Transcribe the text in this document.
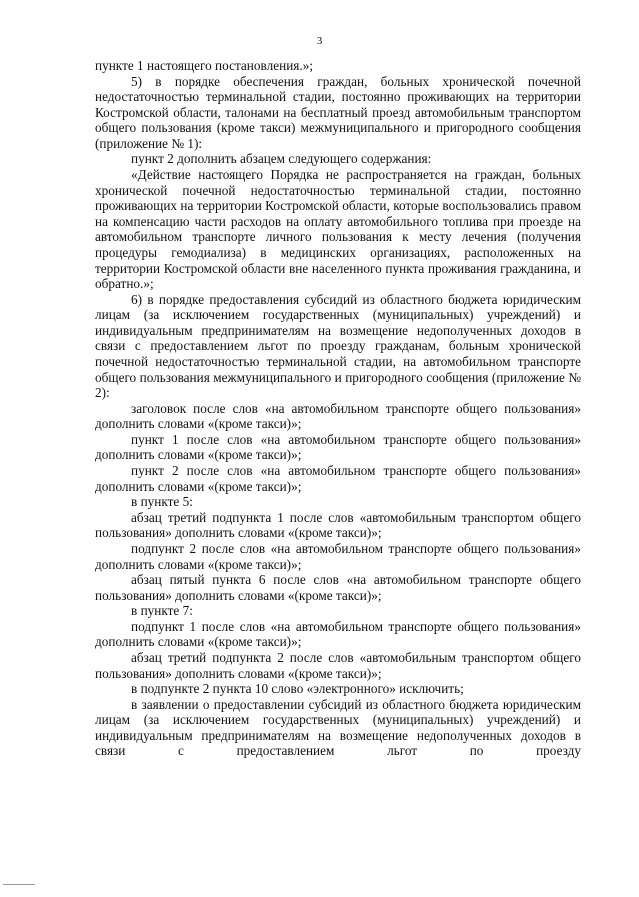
3

пункте 1 настоящего постановления.»;

5) в порядке обеспечения граждан, больных хронической почечной недостаточностью терминальной стадии, постоянно проживающих на территории Костромской области, талонами на бесплатный проезд автомобильным транспортом общего пользования (кроме такси) межмуниципального и пригородного сообщения (приложение № 1):

пункт 2 дополнить абзацем следующего содержания:

«Действие настоящего Порядка не распространяется на граждан, больных хронической почечной недостаточностью терминальной стадии, постоянно проживающих на территории Костромской области, которые воспользовались правом на компенсацию части расходов на оплату автомобильного топлива при проезде на автомобильном транспорте личного пользования к месту лечения (получения процедуры гемодиализа) в медицинских организациях, расположенных на территории Костромской области вне населенного пункта проживания гражданина, и обратно.»;

6) в порядке предоставления субсидий из областного бюджета юридическим лицам (за исключением государственных (муниципальных) учреждений) и индивидуальным предпринимателям на возмещение недополученных доходов в связи с предоставлением льгот по проезду гражданам, больным хронической почечной недостаточностью терминальной стадии, на автомобильном транспорте общего пользования межмуниципального и пригородного сообщения (приложение № 2):

заголовок после слов «на автомобильном транспорте общего пользования» дополнить словами «(кроме такси)»;

пункт 1 после слов «на автомобильном транспорте общего пользования» дополнить словами «(кроме такси)»;

пункт 2 после слов «на автомобильном транспорте общего пользования» дополнить словами «(кроме такси)»;

в пункте 5:

абзац третий подпункта 1 после слов «автомобильным транспортом общего пользования» дополнить словами «(кроме такси)»;

подпункт 2 после слов «на автомобильном транспорте общего пользования» дополнить словами «(кроме такси)»;

абзац пятый пункта 6 после слов «на автомобильном транспорте общего пользования» дополнить словами «(кроме такси)»;

в пункте 7:

подпункт 1 после слов «на автомобильном транспорте общего пользования» дополнить словами «(кроме такси)»;

абзац третий подпункта 2 после слов «автомобильным транспортом общего пользования» дополнить словами «(кроме такси)»;

в подпункте 2 пункта 10 слово «электронного» исключить;

в заявлении о предоставлении субсидий из областного бюджета юридическим лицам (за исключением государственных (муниципальных) учреждений) и индивидуальным предпринимателям на возмещение недополученных доходов в связи с предоставлением льгот по проезду
